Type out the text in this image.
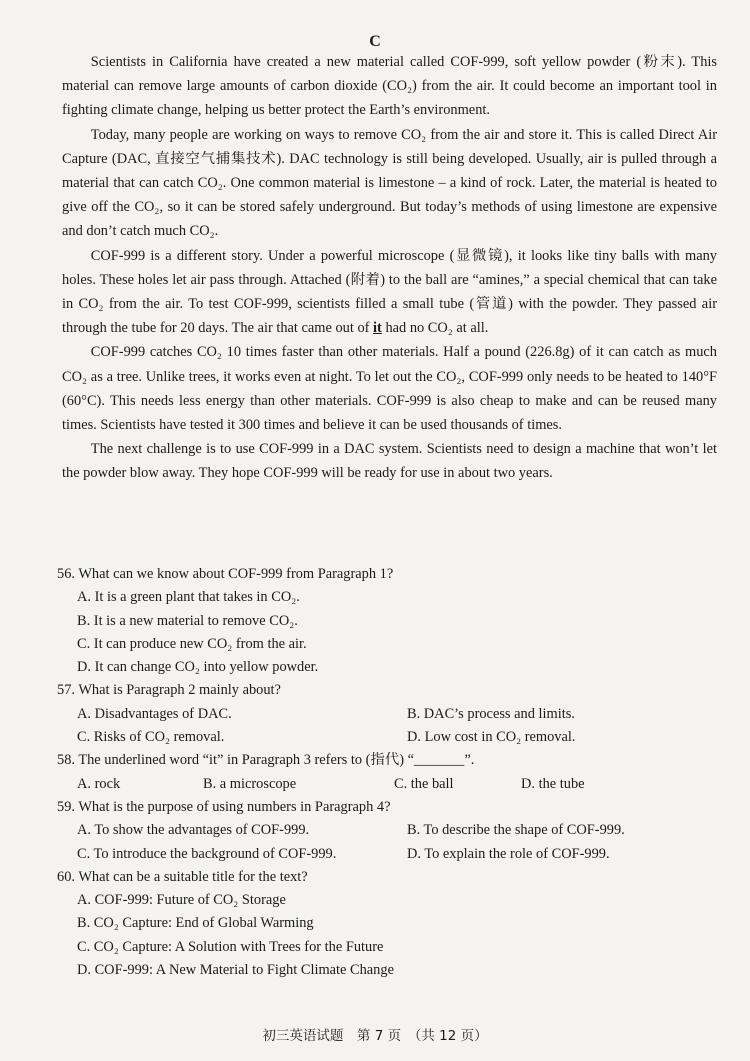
C

Scientists in California have created a new material called COF-999, soft yellow powder (粉末). This material can remove large amounts of carbon dioxide (CO₂) from the air. It could become an important tool in fighting climate change, helping us better protect the Earth’s environment.

Today, many people are working on ways to remove CO₂ from the air and store it. This is called Direct Air Capture (DAC, 直接空气捕集技术). DAC technology is still being developed. Usually, air is pulled through a material that can catch CO₂. One common material is limestone – a kind of rock. Later, the material is heated to give off the CO₂, so it can be stored safely underground. But today’s methods of using limestone are expensive and don’t catch much CO₂.

COF-999 is a different story. Under a powerful microscope (显微镜), it looks like tiny balls with many holes. These holes let air pass through. Attached (附着) to the ball are “amines,” a special chemical that can take in CO₂ from the air. To test COF-999, scientists filled a small tube (管道) with the powder. They passed air through the tube for 20 days. The air that came out of it had no CO₂ at all.

COF-999 catches CO₂ 10 times faster than other materials. Half a pound (226.8g) of it can catch as much CO₂ as a tree. Unlike trees, it works even at night. To let out the CO₂, COF-999 only needs to be heated to 140°F (60°C). This needs less energy than other materials. COF-999 is also cheap to make and can be reused many times. Scientists have tested it 300 times and believe it can be used thousands of times.

The next challenge is to use COF-999 in a DAC system. Scientists need to design a machine that won’t let the powder blow away. They hope COF-999 will be ready for use in about two years.

56. What can we know about COF-999 from Paragraph 1?
A. It is a green plant that takes in CO₂.
B. It is a new material to remove CO₂.
C. It can produce new CO₂ from the air.
D. It can change CO₂ into yellow powder.
57. What is Paragraph 2 mainly about?
A. Disadvantages of DAC.	B. DAC’s process and limits.
C. Risks of CO₂ removal.	D. Low cost in CO₂ removal.
58. The underlined word “it” in Paragraph 3 refers to (指代) “_______”.
A. rock	B. a microscope	C. the ball	D. the tube
59. What is the purpose of using numbers in Paragraph 4?
A. To show the advantages of COF-999.	B. To describe the shape of COF-999.
C. To introduce the background of COF-999.	D. To explain the role of COF-999.
60. What can be a suitable title for the text?
A. COF-999: Future of CO₂ Storage
B. CO₂ Capture: End of Global Warming
C. CO₂ Capture: A Solution with Trees for the Future
D. COF-999: A New Material to Fight Climate Change
初三英语试题　第 7 页　（共 12 页）
